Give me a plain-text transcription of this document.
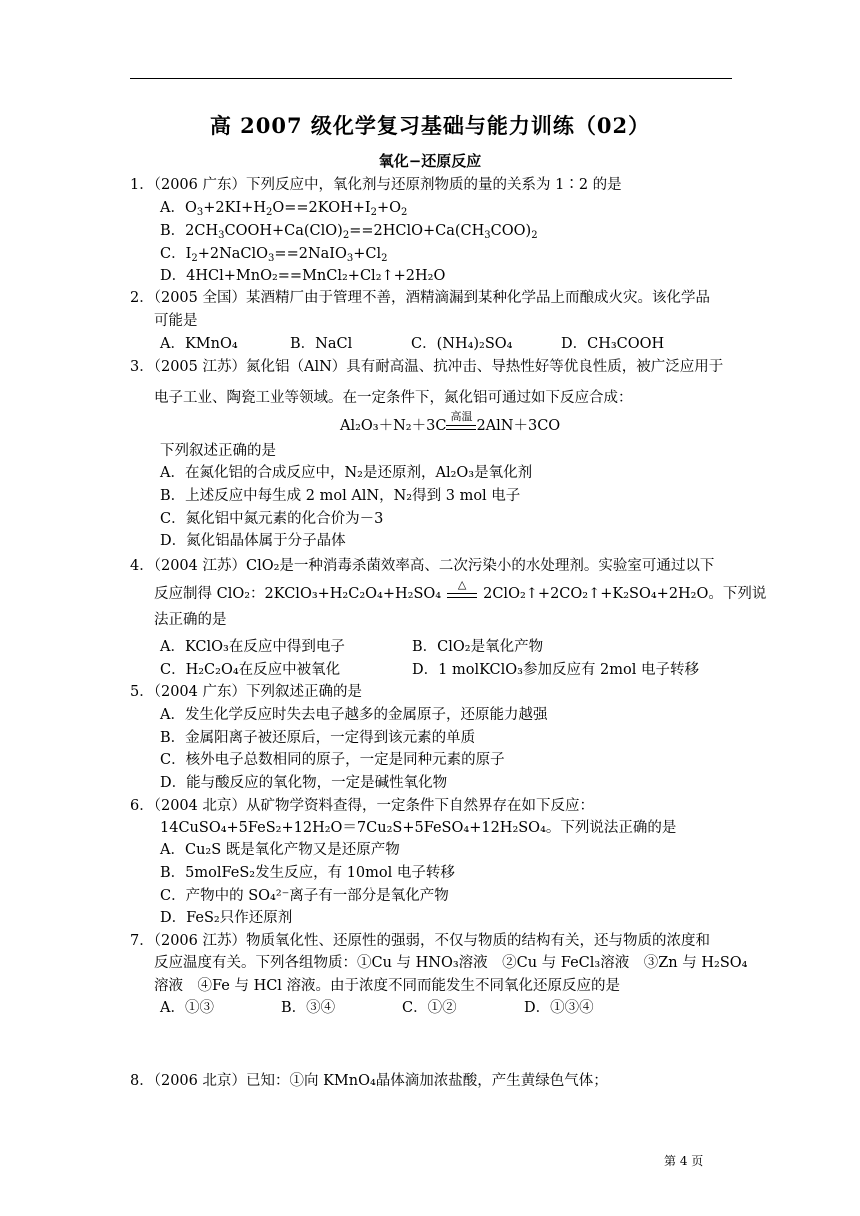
高 2007 级化学复习基础与能力训练（02）
氧化−还原反应
1．（2006 广东）下列反应中，氧化剂与还原剂物质的量的关系为 1∶2 的是
A．$O_3+2KI+H_2O==2KOH+I_2+O_2$
B．$2CH_3COOH+Ca(ClO)_2==2HClO+Ca(CH_3COO)_2$
C．$I_2+2NaClO_3==2NaIO_3+Cl_2$
D．4HCl+MnO₂==MnCl₂+Cl₂↑+2H₂O
2．（2005 全国）某酒精厂由于管理不善，酒精滴漏到某种化学品上而酿成火灾。该化学品
可能是
A．KMnO₄	B．NaCl	C．(NH₄)₂SO₄	D．CH₃COOH
3．（2005 江苏）氮化铝（AlN）具有耐高温、抗冲击、导热性好等优良性质，被广泛应用于
电子工业、陶瓷工业等领域。在一定条件下，氮化铝可通过如下反应合成：
Al₂O₃＋N₂＋3C
高温
2AlN＋3CO
下列叙述正确的是
A．在氮化铝的合成反应中，N₂是还原剂，Al₂O₃是氧化剂
B．上述反应中每生成 2 mol AlN，N₂得到 3 mol 电子
C．氮化铝中氮元素的化合价为－3
D．氮化铝晶体属于分子晶体
4．（2004 江苏）ClO₂是一种消毒杀菌效率高、二次污染小的水处理剂。实验室可通过以下
反应制得 ClO₂：2KClO₃+H₂C₂O₄+H₂SO₄
△
2ClO₂↑+2CO₂↑+K₂SO₄+2H₂O。下列说
法正确的是
A．KClO₃在反应中得到电子	B．ClO₂是氧化产物
C．H₂C₂O₄在反应中被氧化	D．1 molKClO₃参加反应有 2mol 电子转移
5．（2004 广东）下列叙述正确的是
A．发生化学反应时失去电子越多的金属原子，还原能力越强
B．金属阳离子被还原后，一定得到该元素的单质
C．核外电子总数相同的原子，一定是同种元素的原子
D．能与酸反应的氧化物，一定是碱性氧化物
6．（2004 北京）从矿物学资料查得，一定条件下自然界存在如下反应：
14CuSO₄+5FeS₂+12H₂O＝7Cu₂S+5FeSO₄+12H₂SO₄。下列说法正确的是
A．Cu₂S 既是氧化产物又是还原产物
B．5molFeS₂发生反应，有 10mol 电子转移
C．产物中的 SO₄²⁻离子有一部分是氧化产物
D．FeS₂只作还原剂
7．（2006 江苏）物质氧化性、还原性的强弱，不仅与物质的结构有关，还与物质的浓度和
反应温度有关。下列各组物质：①Cu 与 HNO₃溶液　②Cu 与 FeCl₃溶液　③Zn 与 H₂SO₄
溶液　④Fe 与 HCl 溶液。由于浓度不同而能发生不同氧化还原反应的是
A．①③	B．③④	C．①②	D．①③④
8．（2006 北京）已知：①向 KMnO₄晶体滴加浓盐酸，产生黄绿色气体；
第 4 页
